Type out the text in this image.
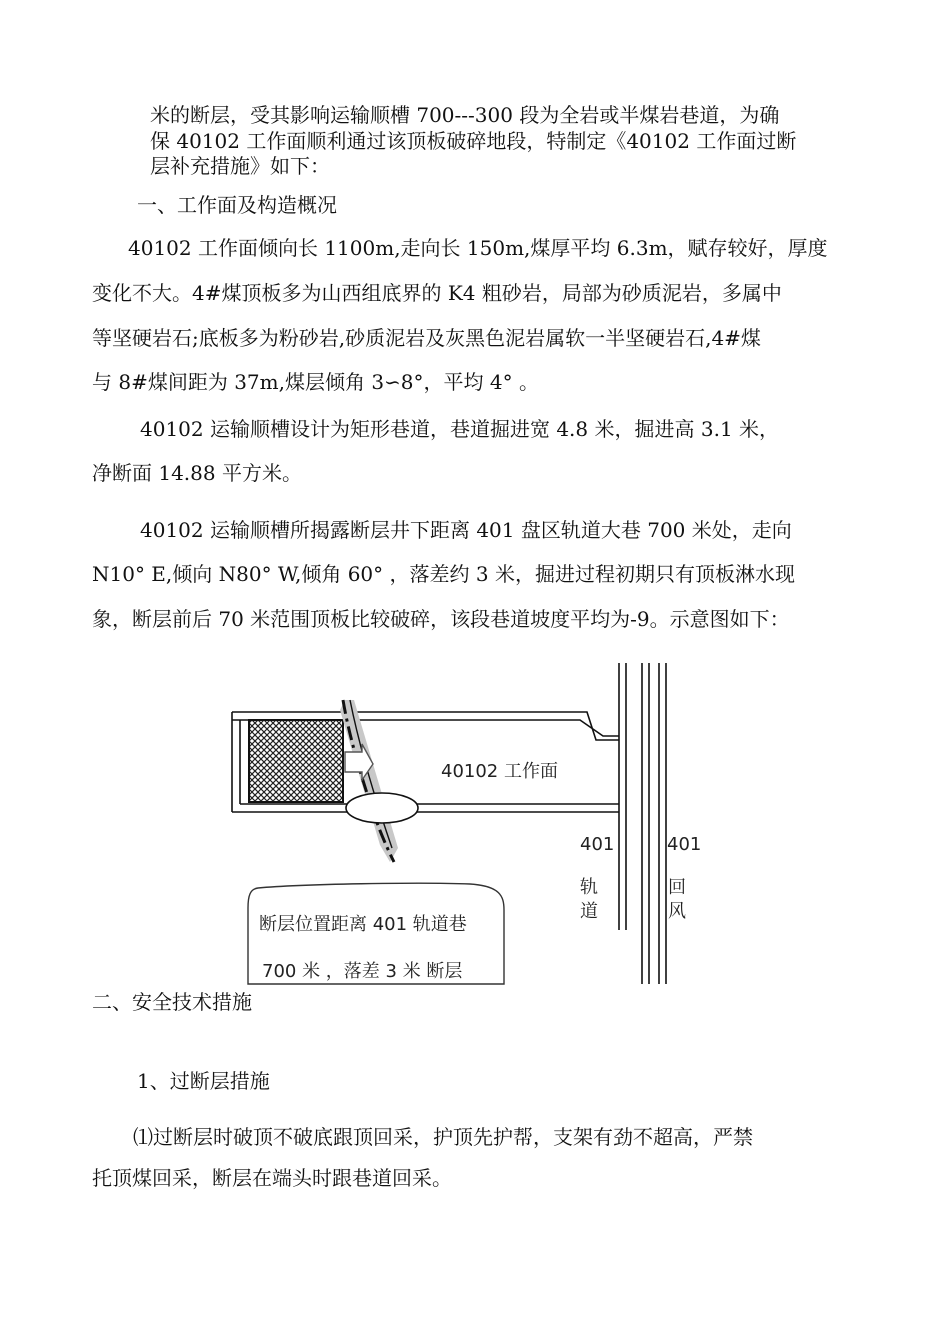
米的断层，受其影响运输顺槽 700---300 段为全岩或半煤岩巷道，为确
保 40102 工作面顺利通过该顶板破碎地段，特制定《40102 工作面过断
层补充措施》如下：
一、工作面及构造概况
40102 工作面倾向长 1100m,走向长 150m,煤厚平均 6.3m，赋存较好，厚度
变化不大。4#煤顶板多为山西组底界的 K4 粗砂岩，局部为砂质泥岩，多属中
等坚硬岩石;底板多为粉砂岩,砂质泥岩及灰黑色泥岩属软一半坚硬岩石,4#煤
与 8#煤间距为 37m,煤层倾角 3∽8°，平均 4° 。
40102 运输顺槽设计为矩形巷道，巷道掘进宽 4.8 米，掘进高 3.1 米，
净断面 14.88 平方米。
40102 运输顺槽所揭露断层井下距离 401 盘区轨道大巷 700 米处，走向
N10° E,倾向 N80° W,倾角 60° ，落差约 3 米，掘进过程初期只有顶板淋水现
象，断层前后 70 米范围顶板比较破碎，该段巷道坡度平均为-9。示意图如下：
40102 工作面
401
轨
道
401
回
风
断层位置距离 401 轨道巷
700 米 ，落差 3 米 断层
二、安全技术措施
1、过断层措施
⑴过断层时破顶不破底跟顶回采，护顶先护帮，支架有劲不超高，严禁
托顶煤回采，断层在端头时跟巷道回采。
